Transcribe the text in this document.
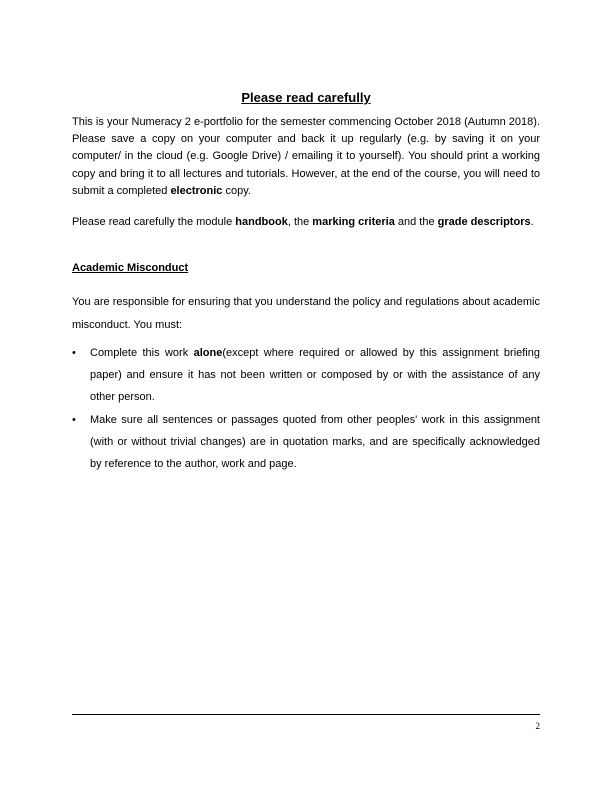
Please read carefully

This is your Numeracy 2 e-portfolio for the semester commencing October 2018 (Autumn 2018). Please save a copy on your computer and back it up regularly (e.g. by saving it on your computer/ in the cloud (e.g. Google Drive) / emailing it to yourself). You should print a working copy and bring it to all lectures and tutorials. However, at the end of the course, you will need to submit a completed electronic copy.

Please read carefully the module handbook, the marking criteria and the grade descriptors.

Academic Misconduct

You are responsible for ensuring that you understand the policy and regulations about academic misconduct. You must:

• Complete this work alone(except where required or allowed by this assignment briefing paper) and ensure it has not been written or composed by or with the assistance of any other person.
• Make sure all sentences or passages quoted from other peoples' work in this assignment (with or without trivial changes) are in quotation marks, and are specifically acknowledged by reference to the author, work and page.

2
